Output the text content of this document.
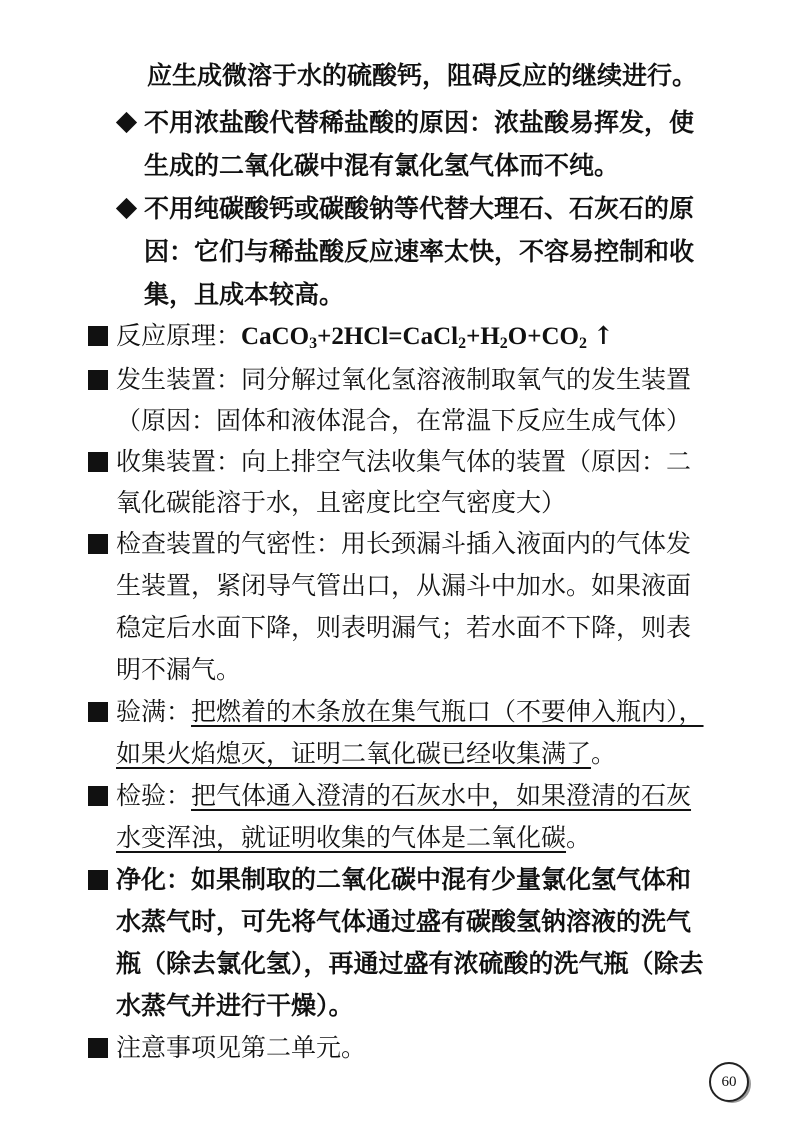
应生成微溶于水的硫酸钙，阻碍反应的继续进行。
不用浓盐酸代替稀盐酸的原因：浓盐酸易挥发，使
生成的二氧化碳中混有氯化氢气体而不纯。
不用纯碳酸钙或碳酸钠等代替大理石、石灰石的原
因：它们与稀盐酸反应速率太快，不容易控制和收
集，且成本较高。
反应原理：$CaCO_3+2HCl=CaCl_2+H_2O+CO_2$ ↑
发生装置：同分解过氧化氢溶液制取氧气的发生装置
（原因：固体和液体混合，在常温下反应生成气体）
收集装置：向上排空气法收集气体的装置（原因：二
氧化碳能溶于水，且密度比空气密度大）
检查装置的气密性：用长颈漏斗插入液面内的气体发
生装置，紧闭导气管出口，从漏斗中加水。如果液面
稳定后水面下降，则表明漏气；若水面不下降，则表
明不漏气。
验满：把燃着的木条放在集气瓶口（不要伸入瓶内），
如果火焰熄灭，证明二氧化碳已经收集满了。
检验：把气体通入澄清的石灰水中，如果澄清的石灰
水变浑浊，就证明收集的气体是二氧化碳。
净化：如果制取的二氧化碳中混有少量氯化氢气体和
水蒸气时，可先将气体通过盛有碳酸氢钠溶液的洗气
瓶（除去氯化氢），再通过盛有浓硫酸的洗气瓶（除去
水蒸气并进行干燥）。
注意事项见第二单元。
60
